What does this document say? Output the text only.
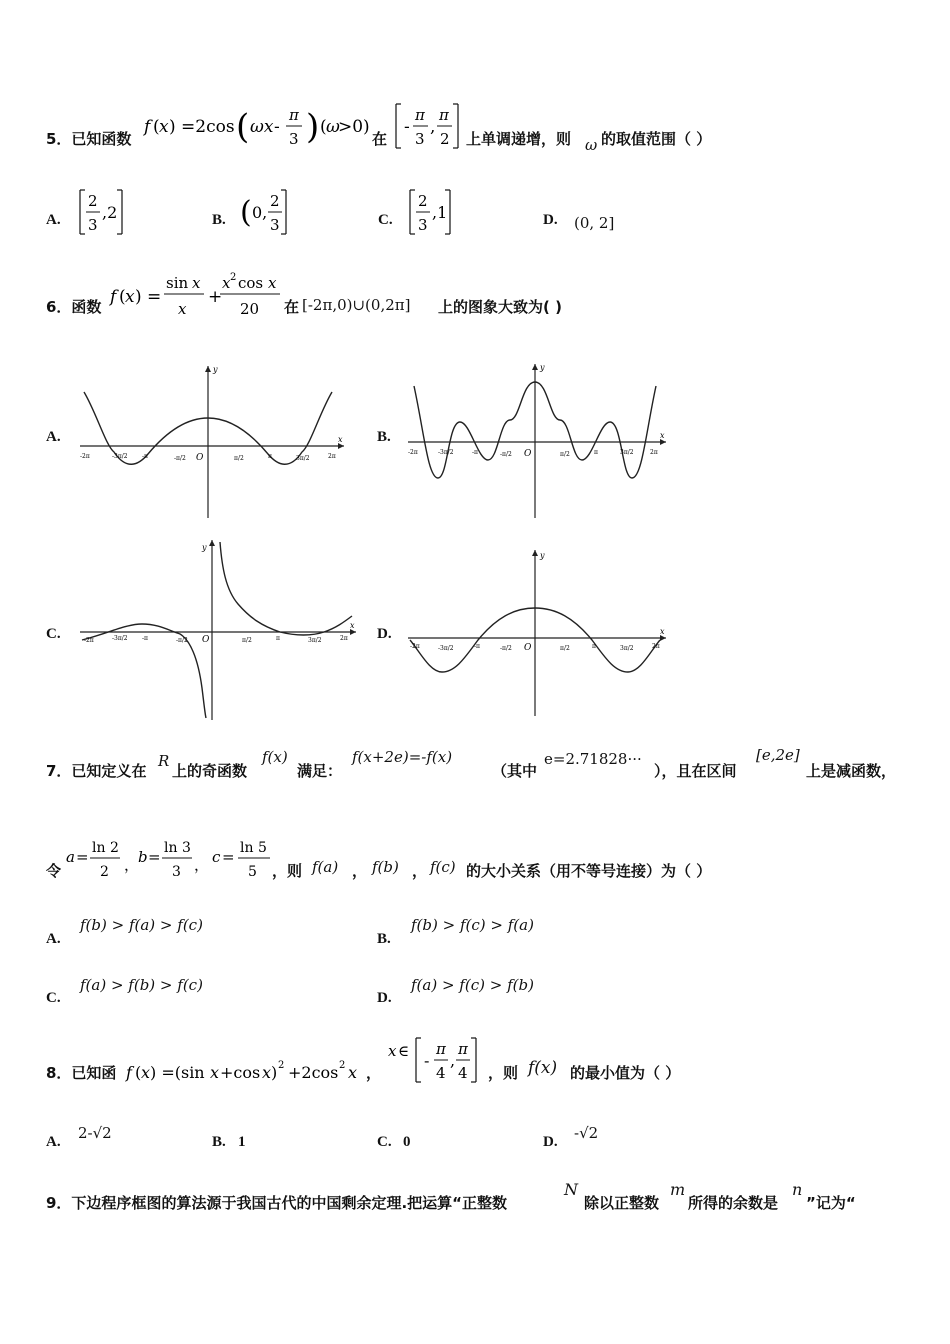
5．已知函数
f ( x ) =2cos ( ωx -
π
3 ) ( ω
>0)
在
-
π
3
,
π
2 上单调递增，则 ω 的取值范围（ ）
A.
2
3
,2	B. ( 0,
2
3	C.
2
3
,1	D. (0, 2]
6．函数 f ( x ) =
sin x
x
+
x 2 cos x
20 在 [-2π,0)∪(0,2π] 上的图象大致为( )
A.
y
x
O
-2π	-3π/2 -π	-π/2	π/2	π	3π/2	2π
B.
y
x
O
-2π	-3π/2	-π	-π/2	π/2	π	3π/2	2π
C.
y
x
O
-2π	-3π/2 -π	-π/2	π/2	π	3π/2	2π D.
y
x
O
-2π	-3π/2	-π	-π/2	π/2	π	3π/2	2π
7．已知定义在
R
上的奇函数
f(x)
满足：
f(x+2e)=-f(x)
（其中
e=2.71828···
），且在区间
[e,2e]
上是减函数，
令
a = ln 2
2 ，
b = ln 3
3 ， c = ln 5
5 ，则 f(a) ， f(b) ， f(c) 的大小关系（用不等号连接）为（ ）
A.
f(b) > f(a) > f(c)
B.
f(b) > f(c) > f(a)
C.
f(a) > f(b) > f(c)
D.
f(a) > f(c) > f(b)
8．已知函 f ( x ) =(sin x +cos x ) 2 +2cos 2 x ，
x ∈ -
π
4
,
π
4 ，则 f(x) 的最小值为（ ）
A. 2-√2	B. 1	C. 0	D. -√2
9．下边程序框图的算法源于我国古代的中国剩余定理.把运算“正整数
N
除以正整数
m
所得的余数是
n
”记为“
